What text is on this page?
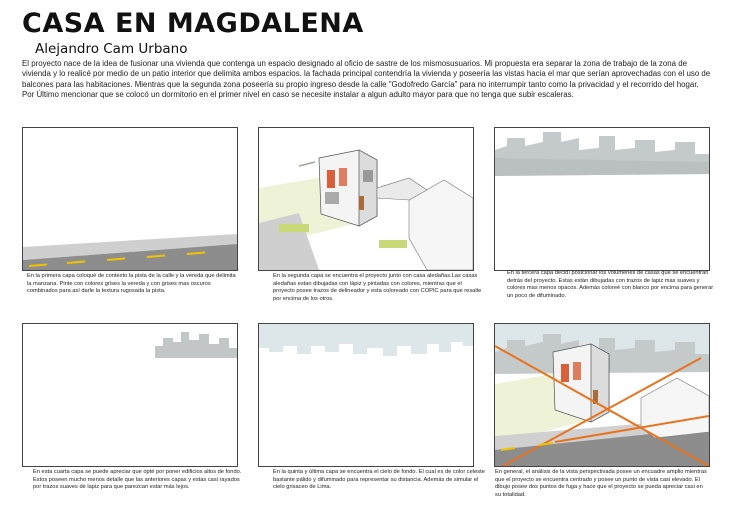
CASA EN MAGDALENA
Alejandro Cam Urbano
El proyecto nace de la idea de fusionar una vivienda que contenga un espacio designado al oficio de sastre de los mismosusuarios. Mi propuesta era separar la zona de trabajo de la zona de vivienda y lo realicé por medio de un patio interior que delimita ambos espacios. la fachada principal contendría la vivienda y poseería las vistas hacia el mar que serían aprovechadas con el uso de balcones para las habitaciones. Mientras que la segunda zona poseería su propio ingreso desde la calle "Godofredo García" para no interrumpir tanto como la privacidad y el recorrido del hogar. Por Último mencionar que se colocó un dormitorio en el primer nivel en caso se necesite instalar a algun adulto mayor para que no tenga que subir escaleras.
En la primera capa coloqué de contexto la pista de la calle y la vereda que delimita la manzana. Pinte con colores grises la vereda y con grises mas oscuros combinados para así darle la textura rugosada la pista.
En la segunda capa se encuentra el proyecto junto con casa aledañas.Las casas aledañas estan dibujadas con lápiz y pintadas con colores, mientras que el proyecto posee trazos de delineador y esta coloreado con COPIC para que resalte por encima de los otros.
En la tercera capa decidí posicionar los volumenes de casas que se encuentran detrás del proyecto. Estas están dibujadas con trazos de lapiz mas suaves y colores mas menos opacos. Además coloreé con blanco por encima para generar un poco de difuminado.
En esta cuarta capa se puede apreciar que opté por poner edificios altos de fondo. Estos poseen mucho menos detalle que las anteriores capas y estas casi rayados por trazos suaves de lapiz para que parezcan estar más lejos.
En la quinta y última capa se encuentra el cielo de fondo. El cual es de color celeste bastante pálido y difuminado para representar su distancia. Además de simular el cielo grisaceo de Lima.
En general, el análisis de la vista perspectivada posee un encuadre amplio mientras que el proyecto se encuentra centrado y posee un punto de vista casi elevado. El dibujo posee dos puntos de fuga y hace que el proyecto se pueda apreciar casi en su totalidad.
